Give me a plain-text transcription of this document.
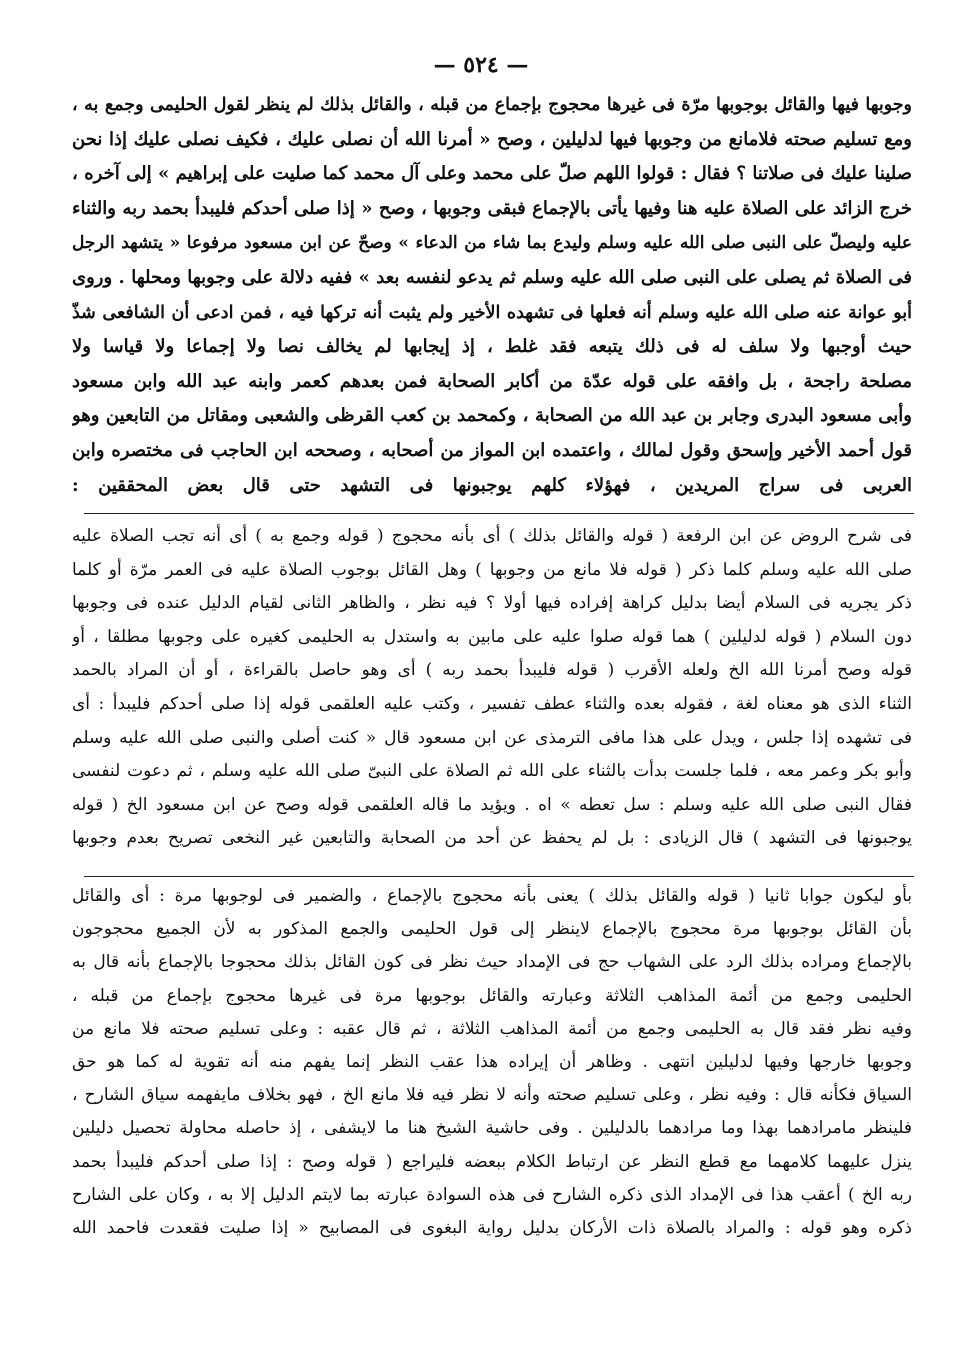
— ٥٢٤ —
وجوبها فيها والقائل بوجوبها مرّة فى غيرها محجوج بإجماع من قبله ، والقائل بذلك لم ينظر لقول الحليمى وجمع به ،
ومع تسليم صحته فلامانع من وجوبها فيها لدليلين ، وصح « أمرنا الله أن نصلى عليك ، فكيف نصلى عليك إذا نحن
صلينا عليك فى صلاتنا ؟ فقال : قولوا اللهم صلّ على محمد وعلى آل محمد كما صليت على إبراهيم » إلى آخره ،
خرج الزائد على الصلاة عليه هنا وفيها يأتى بالإجماع فبقى وجوبها ، وصح « إذا صلى أحدكم فليبدأ بحمد ربه والثناء
عليه وليصلّ على النبى صلى الله عليه وسلم وليدع بما شاء من الدعاء » وصحّ عن ابن مسعود مرفوعا « يتشهد الرجل
فى الصلاة ثم يصلى على النبى صلى الله عليه وسلم ثم يدعو لنفسه بعد » ففيه دلالة على وجوبها ومحلها . وروى
أبو عوانة عنه صلى الله عليه وسلم أنه فعلها فى تشهده الأخير ولم يثبت أنه تركها فيه ، فمن ادعى أن الشافعى شذّ
حيث أوجبها ولا سلف له فى ذلك يتبعه فقد غلط ، إذ إيجابها لم يخالف نصا ولا إجماعا ولا قياسا ولا
مصلحة راجحة ، بل وافقه على قوله عدّة من أكابر الصحابة فمن بعدهم كعمر وابنه عبد الله وابن مسعود
وأبى مسعود البدرى وجابر بن عبد الله من الصحابة ، وكمحمد بن كعب القرظى والشعبى ومقاتل من التابعين وهو
قول أحمد الأخير وإسحق وقول لمالك ، واعتمده ابن المواز من أصحابه ، وصححه ابن الحاجب فى مختصره وابن
العربى فى سراج المريدين ، فهؤلاء كلهم يوجبونها فى التشهد حتى قال بعض المحققين :
فى شرح الروض عن ابن الرفعة ( قوله والقائل بذلك ) أى بأنه محجوج ( قوله وجمع به ) أى أنه تجب الصلاة عليه
صلى الله عليه وسلم كلما ذكر ( قوله فلا مانع من وجوبها ) وهل القائل بوجوب الصلاة عليه فى العمر مرّة أو كلما
ذكر يجريه فى السلام أيضا بدليل كراهة إفراده فيها أولا ؟ فيه نظر ، والظاهر الثانى لقيام الدليل عنده فى وجوبها
دون السلام ( قوله لدليلين ) هما قوله صلوا عليه على مابين به واستدل به الحليمى كغيره على وجوبها مطلقا ، أو
قوله وصح أمرنا الله الخ ولعله الأقرب ( قوله فليبدأ بحمد ربه ) أى وهو حاصل بالقراءة ، أو أن المراد بالحمد
الثناء الذى هو معناه لغة ، فقوله بعده والثناء عطف تفسير ، وكتب عليه العلقمى قوله إذا صلى أحدكم فليبدأ : أى
فى تشهده إذا جلس ، ويدل على هذا مافى الترمذى عن ابن مسعود قال « كنت أصلى والنبى صلى الله عليه وسلم
وأبو بكر وعمر معه ، فلما جلست بدأت بالثناء على الله ثم الصلاة على النبىّ صلى الله عليه وسلم ، ثم دعوت لنفسى
فقال النبى صلى الله عليه وسلم : سل تعطه » اه . ويؤيد ما قاله العلقمى قوله وصح عن ابن مسعود الخ ( قوله
يوجبونها فى التشهد ) قال الزيادى : بل لم يحفظ عن أحد من الصحابة والتابعين غير النخعى تصريح بعدم وجوبها
بأو ليكون جوابا ثانيا ( قوله والقائل بذلك ) يعنى بأنه محجوج بالإجماع ، والضمير فى لوجوبها مرة : أى والقائل
بأن القائل بوجوبها مرة محجوج بالإجماع لاينظر إلى قول الحليمى والجمع المذكور به لأن الجميع محجوجون
بالإجماع ومراده بذلك الرد على الشهاب حج فى الإمداد حيث نظر فى كون القائل بذلك محجوجا بالإجماع بأنه قال به
الحليمى وجمع من أئمة المذاهب الثلاثة وعبارته والقائل بوجوبها مرة فى غيرها محجوج بإجماع من قبله ،
وفيه نظر فقد قال به الحليمى وجمع من أئمة المذاهب الثلاثة ، ثم قال عقبه : وعلى تسليم صحته فلا مانع من
وجوبها خارجها وفيها لدليلين انتهى . وظاهر أن إيراده هذا عقب النظر إنما يفهم منه أنه تقوية له كما هو حق
السياق فكأنه قال : وفيه نظر ، وعلى تسليم صحته وأنه لا نظر فيه فلا مانع الخ ، فهو بخلاف مايفهمه سياق الشارح ،
فلينظر مامرادهما بهذا وما مرادهما بالدليلين . وفى حاشية الشيخ هنا ما لايشفى ، إذ حاصله محاولة تحصيل دليلين
ينزل عليهما كلامهما مع قطع النظر عن ارتباط الكلام ببعضه فليراجع ( قوله وصح : إذا صلى أحدكم فليبدأ بحمد
ربه الخ ) أعقب هذا فى الإمداد الذى ذكره الشارح فى هذه السوادة عبارته بما لايتم الدليل إلا به ، وكان على الشارح
ذكره وهو قوله : والمراد بالصلاة ذات الأركان بدليل رواية البغوى فى المصابيح « إذا صليت فقعدت فاحمد الله
